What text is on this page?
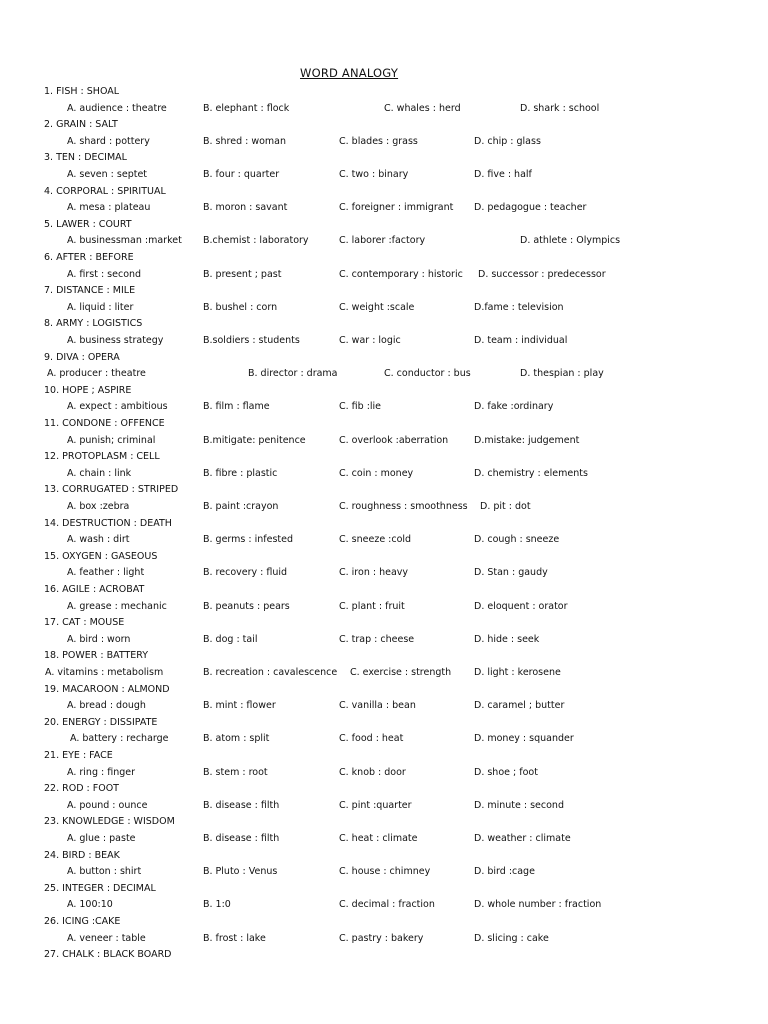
WORD ANALOGY
1. FISH : SHOAL
A. audience : theatre	B. elephant : flock	C. whales : herd	D. shark : school
2. GRAIN : SALT
A. shard : pottery	B. shred : woman	C. blades : grass	D. chip : glass
3. TEN : DECIMAL
A. seven : septet	B. four : quarter	C. two : binary	D. five : half
4. CORPORAL : SPIRITUAL
A. mesa : plateau	B. moron : savant	C. foreigner : immigrant D. pedagogue : teacher
5. LAWER : COURT
A. businessman :market B.chemist : laboratory	C. laborer :factory	D. athlete : Olympics
6. AFTER : BEFORE
A. first : second	B. present ; past	C. contemporary : historic D. successor : predecessor
7. DISTANCE : MILE
A. liquid : liter	B. bushel : corn	C. weight :scale	D.fame : television
8. ARMY : LOGISTICS
A. business strategy	B.soldiers : students	C. war : logic	D. team : individual
9. DIVA : OPERA
A. producer : theatre	B. director : drama	C. conductor : bus	D. thespian : play
10. HOPE ; ASPIRE
A. expect : ambitious	B. film : flame	C. fib :lie	D. fake :ordinary
11. CONDONE : OFFENCE
A. punish; criminal	B.mitigate: penitence	C. overlook :aberration	D.mistake: judgement
12. PROTOPLASM : CELL
A. chain : link	B. fibre : plastic	C. coin : money	D. chemistry : elements
13. CORRUGATED : STRIPED
A. box :zebra	B. paint :crayon	C. roughness : smoothness D. pit : dot
14. DESTRUCTION : DEATH
A. wash : dirt	B. germs : infested	C. sneeze :cold	D. cough : sneeze
15. OXYGEN : GASEOUS
A. feather : light	B. recovery : fluid	C. iron : heavy	D. Stan : gaudy
16. AGILE : ACROBAT
A. grease : mechanic	B. peanuts : pears	C. plant : fruit	D. eloquent : orator
17. CAT : MOUSE
A. bird : worn	B. dog : tail	C. trap : cheese	D. hide : seek
18. POWER : BATTERY
A. vitamins : metabolism	B. recreation : cavalescence C. exercise : strength D. light : kerosene
19. MACAROON : ALMOND
A. bread : dough	B. mint : flower	C. vanilla : bean	D. caramel ; butter
20. ENERGY : DISSIPATE
A. battery : recharge	B. atom : split	C. food : heat	D. money : squander
21. EYE : FACE
A. ring : finger	B. stem : root	C. knob : door	D. shoe ; foot
22. ROD : FOOT
A. pound : ounce	B. disease : filth	C. pint :quarter	D. minute : second
23. KNOWLEDGE : WISDOM
A. glue : paste	B. disease : filth	C. heat : climate	D. weather : climate
24. BIRD : BEAK
A. button : shirt	B. Pluto : Venus	C. house : chimney	D. bird :cage
25. INTEGER : DECIMAL
A. 100:10	B. 1:0	C. decimal : fraction	D. whole number : fraction
26. ICING :CAKE
A. veneer : table	B. frost : lake	C. pastry : bakery	D. slicing : cake
27. CHALK : BLACK BOARD
